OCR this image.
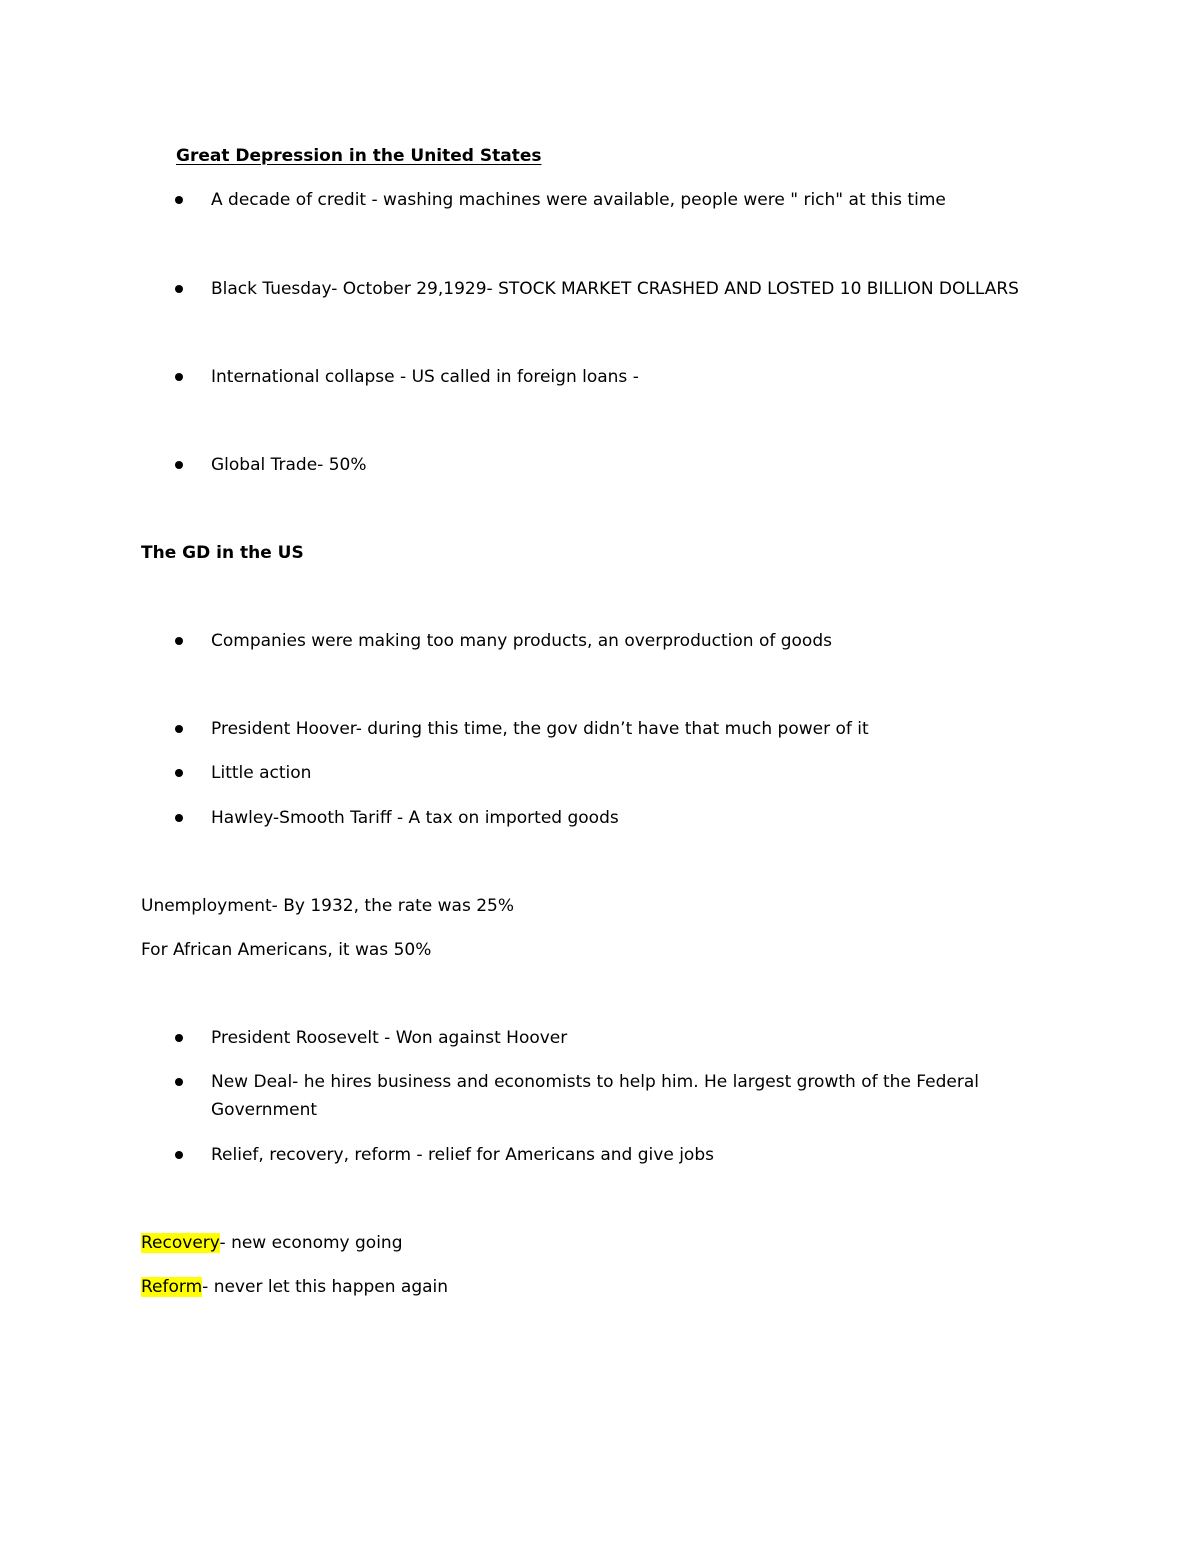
Great Depression in the United States
A decade of credit - washing machines were available, people were " rich" at this time
Black Tuesday- October 29,1929- STOCK MARKET CRASHED AND LOSTED 10 BILLION DOLLARS
International collapse - US called in foreign loans -
Global Trade- 50%
The GD in the US
Companies were making too many products, an overproduction of goods
President Hoover- during this time, the gov didn’t have that much power of it
Little action
Hawley-Smooth Tariff - A tax on imported goods
Unemployment- By 1932, the rate was 25%
For African Americans, it was 50%
President Roosevelt - Won against Hoover
New Deal- he hires business and economists to help him. He largest growth of the Federal Government
Relief, recovery, reform - relief for Americans and give jobs
Recovery- new economy going
Reform- never let this happen again
